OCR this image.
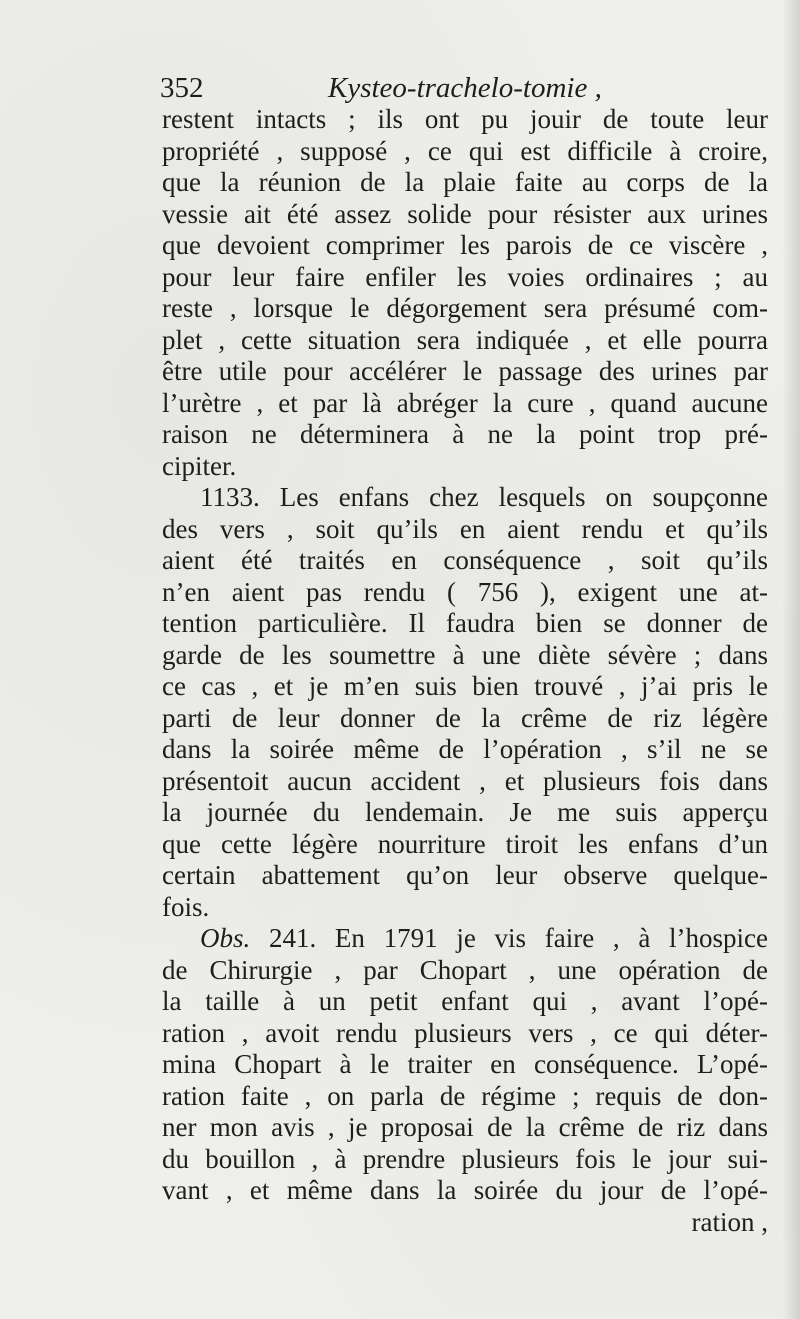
352	Kysteo-trachelo-tomie ,
restent intacts ; ils ont pu jouir de toute leur
propriété , supposé , ce qui est difficile à croire,
que la réunion de la plaie faite au corps de la
vessie ait été assez solide pour résister aux urines
que devoient comprimer les parois de ce viscère ,
pour leur faire enfiler les voies ordinaires ; au
reste , lorsque le dégorgement sera présumé com-
plet , cette situation sera indiquée , et elle pourra
être utile pour accélérer le passage des urines par
l’urètre , et par là abréger la cure , quand aucune
raison ne déterminera à ne la point trop pré-
cipiter.
1133. Les enfans chez lesquels on soupçonne
des vers , soit qu’ils en aient rendu et qu’ils
aient été traités en conséquence , soit qu’ils
n’en aient pas rendu ( 756 ), exigent une at-
tention particulière. Il faudra bien se donner de
garde de les soumettre à une diète sévère ; dans
ce cas , et je m’en suis bien trouvé , j’ai pris le
parti de leur donner de la crême de riz légère
dans la soirée même de l’opération , s’il ne se
présentoit aucun accident , et plusieurs fois dans
la journée du lendemain. Je me suis apperçu
que cette légère nourriture tiroit les enfans d’un
certain abattement qu’on leur observe quelque-
fois.
Obs. 241. En 1791 je vis faire , à l’hospice
de Chirurgie , par Chopart , une opération de
la taille à un petit enfant qui , avant l’opé-
ration , avoit rendu plusieurs vers , ce qui déter-
mina Chopart à le traiter en conséquence. L’opé-
ration faite , on parla de régime ; requis de don-
ner mon avis , je proposai de la crême de riz dans
du bouillon , à prendre plusieurs fois le jour sui-
vant , et même dans la soirée du jour de l’opé-
ration ,
